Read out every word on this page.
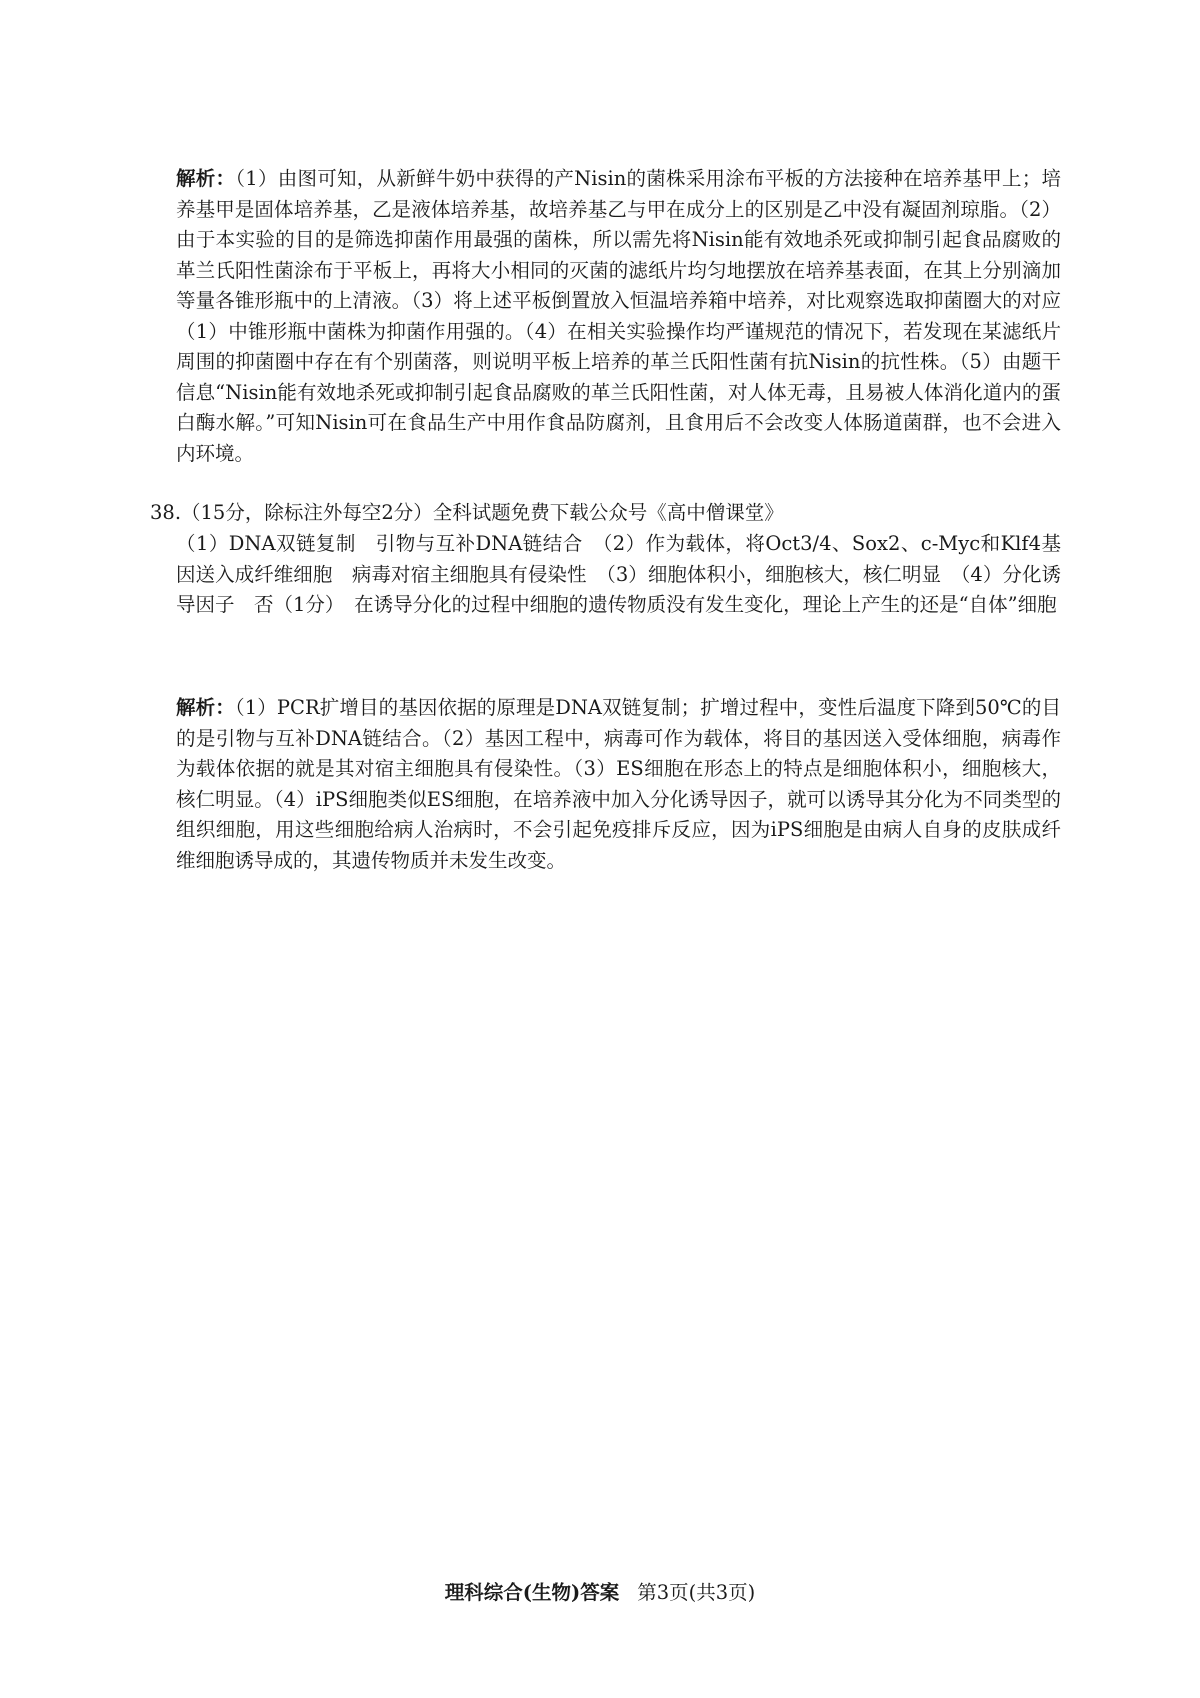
解析：（1）由图可知，从新鲜牛奶中获得的产Nisin的菌株采用涂布平板的方法接种在培养基甲上；培养基甲是固体培养基，乙是液体培养基，故培养基乙与甲在成分上的区别是乙中没有凝固剂琼脂。（2）由于本实验的目的是筛选抑菌作用最强的菌株，所以需先将Nisin能有效地杀死或抑制引起食品腐败的革兰氏阳性菌涂布于平板上，再将大小相同的灭菌的滤纸片均匀地摆放在培养基表面，在其上分别滴加等量各锥形瓶中的上清液。（3）将上述平板倒置放入恒温培养箱中培养，对比观察选取抑菌圈大的对应（1）中锥形瓶中菌株为抑菌作用强的。（4）在相关实验操作均严谨规范的情况下，若发现在某滤纸片周围的抑菌圈中存在有个别菌落，则说明平板上培养的革兰氏阳性菌有抗Nisin的抗性株。（5）由题干信息“Nisin能有效地杀死或抑制引起食品腐败的革兰氏阳性菌，对人体无毒，且易被人体消化道内的蛋白酶水解。”可知Nisin可在食品生产中用作食品防腐剂，且食用后不会改变人体肠道菌群，也不会进入内环境。

38.（15分，除标注外每空2分）全科试题免费下载公众号《高中僧课堂》

（1）DNA双链复制　引物与互补DNA链结合　（2）作为载体，将Oct3/4、Sox2、c-Myc和Klf4基因送入成纤维细胞　病毒对宿主细胞具有侵染性　（3）细胞体积小，细胞核大，核仁明显　（4）分化诱导因子　否（1分）　在诱导分化的过程中细胞的遗传物质没有发生变化，理论上产生的还是“自体”细胞

解析：（1）PCR扩增目的基因依据的原理是DNA双链复制；扩增过程中，变性后温度下降到50℃的目的是引物与互补DNA链结合。（2）基因工程中，病毒可作为载体，将目的基因送入受体细胞，病毒作为载体依据的就是其对宿主细胞具有侵染性。（3）ES细胞在形态上的特点是细胞体积小，细胞核大，核仁明显。（4）iPS细胞类似ES细胞，在培养液中加入分化诱导因子，就可以诱导其分化为不同类型的组织细胞，用这些细胞给病人治病时，不会引起免疫排斥反应，因为iPS细胞是由病人自身的皮肤成纤维细胞诱导成的，其遗传物质并未发生改变。

理科综合(生物)答案 第3页(共3页)
